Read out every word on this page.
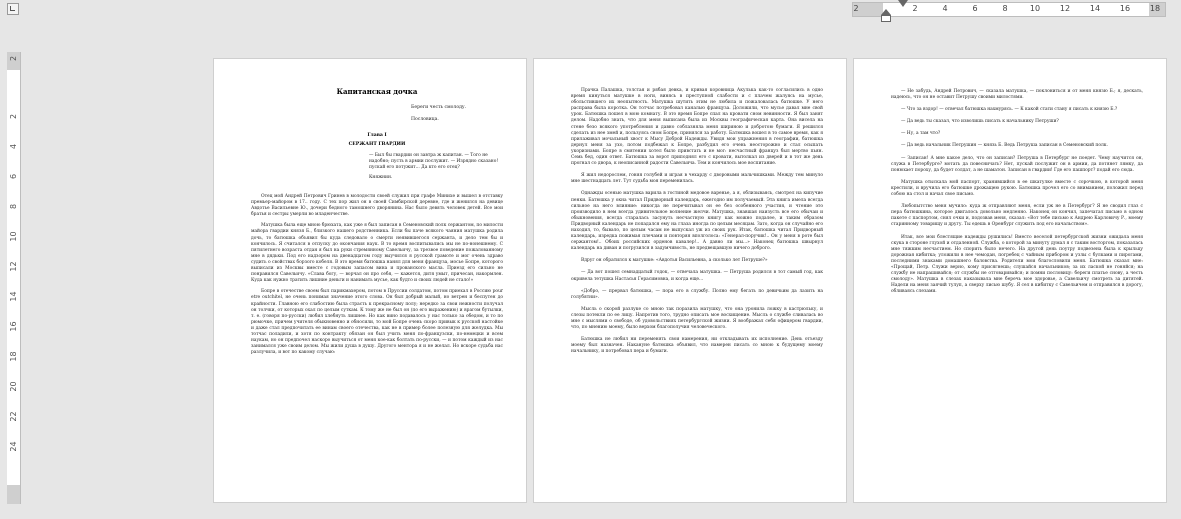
2	2	4	6	8	10 12 14 16 18
2
2
4
6
8
10
12
14
16
18
20
22
24
Капитанская дочка
Береги честь смолоду.
Пословица.
Глава I
СЕРЖАНТ ГВАРДИИ
— Был бы гвардии он завтра ж капитан. — Того не надобно; пусть в армии послужит. — Изрядно сказано! пускай его потужит... Да кто его отец?
Княжнин.

Отец мой Андрей Петрович Гринев в молодости своей служил при графе Минихе и вышел в отставку премьер-майором в 17.. году. С тех пор жил он в своей Симбирской деревне, где и женился на девице Авдотье Васильевне Ю., дочери бедного тамошнего дворянина. Нас было девять человек детей. Все мои братья и сестры умерли во младенчестве.

Матушка была еще мною брюхата, как уже я был записан в Семеновский полк сержантом, по милости майора гвардии князя Б., близкого нашего родственника. Если бы паче всякого чаяния матушка родила дочь, то батюшка объявил бы куда следовало о смерти неявившегося сержанта, и дело тем бы и кончилось. Я считался в отпуску до окончания наук. В то время воспитывались мы не по-нонешнему. С пятилетнего возраста отдан я был на руки стремянному Савельичу, за трезвое поведение пожалованному мне в дядьки. Под его надзором на двенадцатом году выучился я русской грамоте и мог очень здраво судить о свойствах борзого кобеля. В это время батюшка нанял для меня француза, мосье Бопре, которого выписали из Москвы вместе с годовым запасом вина и прованского масла. Приезд его сильно не понравился Савельичу. «Слава богу, — ворчал он про себя, — кажется, дитя умыт, причесан, накормлен. Куда как нужно тратить лишние деньги и нанимать мусье, как будто и своих людей не стало!»

Бопре в отечестве своем был парикмахером, потом в Пруссии солдатом, потом приехал в Россию pour etre outchitel, не очень понимая значение этого слова. Он был добрый малый, но ветрен и беспутен до крайности. Главною его слабостию была страсть к прекрасному полу; нередко за свои нежности получал он толчки, от которых охал по целым суткам. К тому же не был он (по его выражению) и врагом бутылки, т. е. (говоря по-русски) любил хлебнуть лишнее. Но как вино подавалось у нас только за обедом, и то по рюмочке, причем учителя обыкновенно и обносили, то мой Бопре очень скоро привык к русской настойке и даже стал предпочитать ее винам своего отечества, как не в пример более полезную для желудка. Мы тотчас поладили, и хотя по контракту обязан он был учить меня по-французски, по-немецки и всем наукам, но он предпочел наскоро выучиться от меня кое-как болтать по-русски, — и потом каждый из нас занимался уже своим делом. Мы жили душа в душу. Другого ментора я и не желал. Но вскоре судьба нас разлучила, и вот по какому случаю:

Прачка Палашка, толстая и рябая девка, и кривая коровница Акулька как-то согласились в одно время кинуться матушке в ноги, винясь в преступной слабости и с плачем жалуясь на мусье, обольстившего их неопытность. Матушка шутить этим не любила и пожаловалась батюшке. У него расправа была коротка. Он тотчас потребовал каналью француза. Доложили, что мусье давал мне свой урок. Батюшка пошел в мою комнату. В это время Бопре спал на кровати сном невинности. Я был занят делом. Надобно знать, что для меня выписана была из Москвы географическая карта. Она висела на стене безо всякого употребления и давно соблазняла меня шириною и добротою бумаги. Я решился сделать из нее змей и, пользуясь сном Бопре, принялся за работу. Батюшка вошел в то самое время, как я прилаживал мочальный хвост к Мысу Доброй Надежды. Увидя мои упражнения в географии, батюшка дернул меня за ухо, потом подбежал к Бопре, разбудил его очень неосторожно и стал осыпать укоризнами. Бопре в смятении хотел было привстать и не мог: несчастный француз был мертво пьян. Семь бед, один ответ. Батюшка за ворот приподнял его с кровати, вытолкал из дверей и в тот же день прогнал со двора, к неописанной радости Савельича. Тем и кончилось мое воспитание.

Я жил недорослем, гоняя голубей и играя в чехарду с дворовыми мальчишками. Между тем минуло мне шестнадцать лет. Тут судьба моя переменилась.

Однажды осенью матушка варила в гостиной медовое варенье, а я, облизываясь, смотрел на кипучие пенки. Батюшка у окна читал Придворный календарь, ежегодно им получаемый. Эта книга имела всегда сильное на него влияние: никогда не перечитывал он ее без особенного участия, и чтение это производило в нем всегда удивительное волнение желчи. Матушка, знавшая наизусть все его обычаи и обыкновения, всегда старалась засунуть несчастную книгу как можно подалее, и таким образом Придворный календарь не попадался ему на глаза иногда по целым месяцам. Зато, когда он случайно его находил, то, бывало, по целым часам не выпускал уж из своих рук. Итак, батюшка читал Придворный календарь, изредка пожимая плечами и повторяя вполголоса: «Генерал-поручик!.. Он у меня в роте был сержантом!.. Обоих российских орденов кавалер!.. А давно ли мы...» Наконец батюшка швырнул календарь на диван и погрузился в задумчивость, не предвещавшую ничего доброго.

Вдруг он обратился к матушке: «Авдотья Васильевна, а сколько лет Петруше?»

— Да вот пошел семнадцатый годок, — отвечала матушка. — Петруша родился в тот самый год, как окривела тетушка Настасья Герасимовна, и когда еще...

«Добро, — прервал батюшка, — пора его в службу. Полно ему бегать по девичьим да лазить на голубятни».

Мысль о скорой разлуке со мною так поразила матушку, что она уронила ложку в кастрюльку, и слезы потекли по ее лицу. Напротив того, трудно описать мое восхищение. Мысль о службе сливалась во мне с мыслями о свободе, об удовольствиях петербургской жизни. Я воображал себя офицером гвардии, что, по мнению моему, было верхом благополучия человеческого.

Батюшка не любил ни переменять свои намерения, ни откладывать их исполнение. День отъезду моему был назначен. Накануне батюшка объявил, что намерен писать со мною к будущему моему начальнику, и потребовал пера и бумаги.

— Не забудь, Андрей Петрович, — сказала матушка, — поклониться и от меня князю Б.; я, дескать, надеюсь, что он не оставит Петрушу своими милостями.

— Что за вздор! — отвечал батюшка нахмурясь. — К какой стати стану я писать к князю Б.?

— Да ведь ты сказал, что изволишь писать к начальнику Петруши?

— Ну, а там что?

— Да ведь начальник Петрушин — князь Б. Ведь Петруша записан в Семеновский полк.

— Записан! А мне какое дело, что он записан? Петруша в Петербург не поедет. Чему научится он, служа в Петербурге? мотать да повесничать? Нет, пускай послужит он в армии, да потянет лямку, да понюхает пороху, да будет солдат, а не шаматон. Записан в гвардии! Где его пашпорт? подай его сюда.

Матушка отыскала мой паспорт, хранившийся в ее шкатулке вместе с сорочкою, в которой меня крестили, и вручила его батюшке дрожащею рукою. Батюшка прочел его со вниманием, положил перед собою на стол и начал свое письмо.

Любопытство меня мучило: куда ж отправляют меня, если уж не в Петербург? Я не сводил глаз с пера батюшкина, которое двигалось довольно медленно. Наконец он кончил, запечатал письмо в одном пакете с паспортом, снял очки и, подозвав меня, сказал: «Вот тебе письмо к Андрею Карловичу Р., моему старинному товарищу и другу. Ты едешь в Оренбург служить под его начальством».

Итак, все мои блестящие надежды рушились! Вместо веселой петербургской жизни ожидала меня скука в стороне глухой и отдаленной. Служба, о которой за минуту думал я с таким восторгом, показалась мне тяжким несчастием. Но спорить было нечего. На другой день поутру подвезена была к крыльцу дорожная кибитка; уложили в нее чемодан, погребец с чайным прибором и узлы с булками и пирогами, последними знаками домашнего баловства. Родители мои благословили меня. Батюшка сказал мне: «Прощай, Петр. Служи верно, кому присягнешь; слушайся начальников; за их лаской не гоняйся; на службу не напрашивайся; от службы не отговаривайся; и помни пословицу: береги платье снову, а честь смолоду». Матушка в слезах наказывала мне беречь мое здоровье, а Савельичу смотреть за дитятей. Надели на меня заячий тулуп, а сверху лисью шубу. Я сел в кибитку с Савельичем и отправился в дорогу, обливаясь слезами.
